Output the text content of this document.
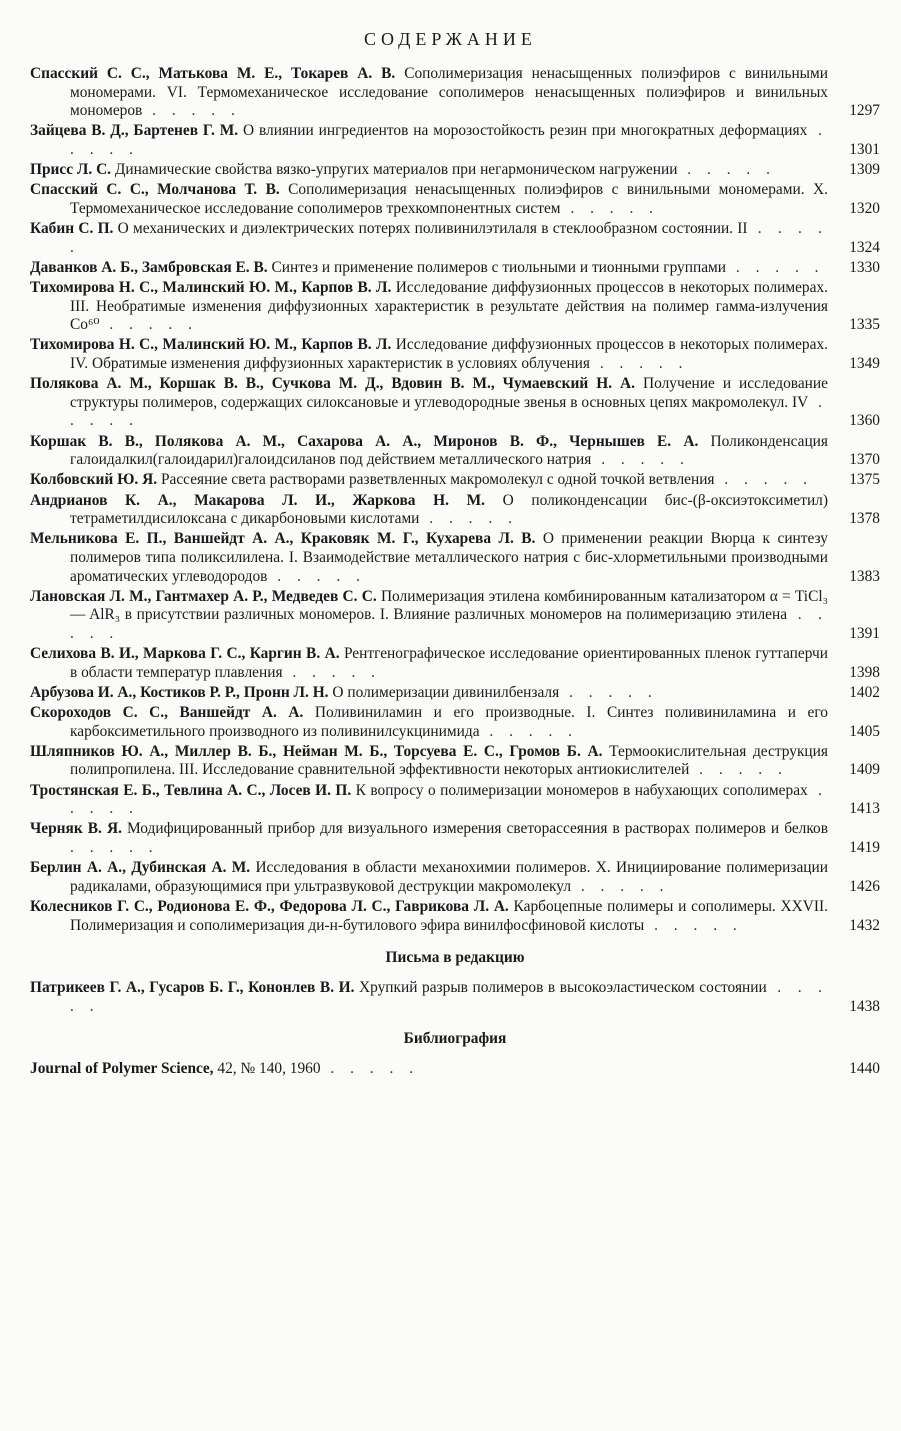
СОДЕРЖАНИЕ
Спасский С. С., Матькова М. Е., Токарев А. В. Сополимеризация ненасыщенных полиэфиров с винильными мономерами. VI. Термомеханическое исследование сополимеров ненасыщенных полиэфиров и винильных мономеров . . . . .	1297
Зайцева В. Д., Бартенев Г. М. О влиянии ингредиентов на морозостойкость резин при многократных деформациях . . . . .	1301
Присс Л. С. Динамические свойства вязко-упругих материалов при негармоническом нагружении . . . . .	1309
Спасский С. С., Молчанова Т. В. Сополимеризация ненасыщенных полиэфиров с винильными мономерами. X. Термомеханическое исследование сополимеров трехкомпонентных систем . . . . .	1320
Кабин С. П. О механических и диэлектрических потерях поливинилэтилаля в стеклообразном состоянии. II . . . . .	1324
Даванков А. Б., Замбровская Е. В. Синтез и применение полимеров с тиольными и тионными группами . . . . .	1330
Тихомирова Н. С., Малинский Ю. М., Карпов В. Л. Исследование диффузионных процессов в некоторых полимерах. III. Необратимые изменения диффузионных характеристик в результате действия на полимер гамма-излучения Co⁶⁰ . . . . .	1335
Тихомирова Н. С., Малинский Ю. М., Карпов В. Л. Исследование диффузионных процессов в некоторых полимерах. IV. Обратимые изменения диффузионных характеристик в условиях облучения . . . . .	1349
Полякова А. М., Коршак В. В., Сучкова М. Д., Вдовин В. М., Чумаевский Н. А. Получение и исследование структуры полимеров, содержащих силоксановые и углеводородные звенья в основных цепях макромолекул. IV . . . . .	1360
Коршак В. В., Полякова А. М., Сахарова А. А., Миронов В. Ф., Чернышев Е. А. Поликонденсация галоидалкил(галоидарил)галоидсиланов под действием металлического натрия . . . . .	1370
Колбовский Ю. Я. Рассеяние света растворами разветвленных макромолекул с одной точкой ветвления . . . . .	1375
Андрианов К. А., Макарова Л. И., Жаркова Н. М. О поликонденсации бис-(β-оксиэтоксиметил) тетраметилдисилоксана с дикарбоновыми кислотами . . . . .	1378
Мельникова Е. П., Ваншейдт А. А., Краковяк М. Г., Кухарева Л. В. О применении реакции Вюрца к синтезу полимеров типа поликсилилена. I. Взаимодействие металлического натрия с бис-хлорметильными производными ароматических углеводородов . . . . .	1383
Лановская Л. М., Гантмахер А. Р., Медведев С. С. Полимеризация этилена комбинированным катализатором α = TiCl₃ — AlR₃ в присутствии различных мономеров. I. Влияние различных мономеров на полимеризацию этилена . . . . .	1391
Селихова В. И., Маркова Г. С., Каргин В. А. Рентгенографическое исследование ориентированных пленок гуттаперчи в области температур плавления . . . . .	1398
Арбузова И. А., Костиков Р. Р., Пронн Л. Н. О полимеризации дивинилбензаля . . . . .	1402
Скороходов С. С., Ваншейдт А. А. Поливиниламин и его производные. I. Синтез поливиниламина и его карбоксиметильного производного из поливинилсукцинимида . . . . .	1405
Шляпников Ю. А., Миллер В. Б., Нейман М. Б., Торсуева Е. С., Громов Б. А. Термоокислительная деструкция полипропилена. III. Исследование сравнительной эффективности некоторых антиокислителей . . . . .	1409
Тростянская Е. Б., Тевлина А. С., Лосев И. П. К вопросу о полимеризации мономеров в набухающих сополимерах . . . . .	1413
Черняк В. Я. Модифицированный прибор для визуального измерения светорассеяния в растворах полимеров и белков . . . . .	1419
Берлин А. А., Дубинская А. М. Исследования в области механохимии полимеров. X. Инициирование полимеризации радикалами, образующимися при ультразвуковой деструкции макромолекул . . . . .	1426
Колесников Г. С., Родионова Е. Ф., Федорова Л. С., Гаврикова Л. А. Карбоцепные полимеры и сополимеры. XXVII. Полимеризация и сополимеризация ди-н-бутилового эфира винилфосфиновой кислоты . . . . .	1432
Письма в редакцию
Патрикеев Г. А., Гусаров Б. Г., Кононлев В. И. Хрупкий разрыв полимеров в высокоэластическом состоянии . . . . .	1438
Библиография
Journal of Polymer Science, 42, № 140, 1960 . . . . .	1440
